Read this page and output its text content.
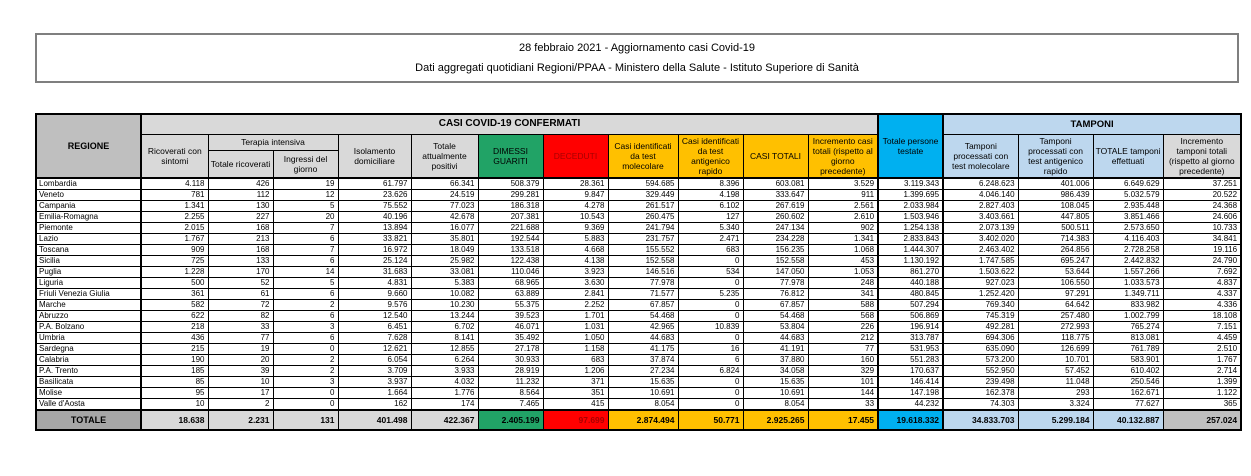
28 febbraio 2021 - Aggiornamento casi Covid-19
Dati aggregati quotidiani Regioni/PPAA - Ministero della Salute - Istituto Superiore di Sanità
REGIONE	CASI COVID-19 CONFERMATI											Totale persone testate	TAMPONI			
	Ricoverati con sintomi	Terapia intensiva		Isolamento domiciliare	Totale attualmente positivi	DIMESSI GUARITI	DECEDUTI	Casi identificati da test molecolare	Casi identificati da test antigenico rapido	CASI TOTALI	Incremento casi totali (rispetto al giorno precedente)		Tamponi processati con test molecolare	Tamponi processati con test antigenico rapido	TOTALE tamponi effettuati	Incremento tamponi totali (rispetto al giorno precedente)
		Totale ricoverati	Ingressi del giorno													
Lombardia	4.118	426	19	61.797	66.341	508.379	28.361	594.685	8.396	603.081	3.529	3.119.343	6.248.623	401.006	6.649.629	37.251
Veneto	781	112	12	23.626	24.519	299.281	9.847	329.449	4.198	333.647	911	1.399.695	4.046.140	986.439	5.032.579	20.522
Campania	1.341	130	5	75.552	77.023	186.318	4.278	261.517	6.102	267.619	2.561	2.033.984	2.827.403	108.045	2.935.448	24.368
Emilia-Romagna	2.255	227	20	40.196	42.678	207.381	10.543	260.475	127	260.602	2.610	1.503.946	3.403.661	447.805	3.851.466	24.606
Piemonte	2.015	168	7	13.894	16.077	221.688	9.369	241.794	5.340	247.134	902	1.254.138	2.073.139	500.511	2.573.650	10.733
Lazio	1.767	213	6	33.821	35.801	192.544	5.883	231.757	2.471	234.228	1.341	2.833.843	3.402.020	714.383	4.116.403	34.841
Toscana	909	168	7	16.972	18.049	133.518	4.668	155.552	683	156.235	1.068	1.444.307	2.463.402	264.856	2.728.258	19.116
Sicilia	725	133	6	25.124	25.982	122.438	4.138	152.558	0	152.558	453	1.130.192	1.747.585	695.247	2.442.832	24.790
Puglia	1.228	170	14	31.683	33.081	110.046	3.923	146.516	534	147.050	1.053	861.270	1.503.622	53.644	1.557.266	7.692
Liguria	500	52	5	4.831	5.383	68.965	3.630	77.978	0	77.978	248	440.188	927.023	106.550	1.033.573	4.837
Friuli Venezia Giulia	361	61	6	9.660	10.082	63.889	2.841	71.577	5.235	76.812	341	480.845	1.252.420	97.291	1.349.711	4.337
Marche	582	72	2	9.576	10.230	55.375	2.252	67.857	0	67.857	588	507.294	769.340	64.642	833.982	4.336
Abruzzo	622	82	6	12.540	13.244	39.523	1.701	54.468	0	54.468	568	506.869	745.319	257.480	1.002.799	18.108
P.A. Bolzano	218	33	3	6.451	6.702	46.071	1.031	42.965	10.839	53.804	226	196.914	492.281	272.993	765.274	7.151
Umbria	436	77	6	7.628	8.141	35.492	1.050	44.683	0	44.683	212	313.787	694.306	118.775	813.081	4.459
Sardegna	215	19	0	12.621	12.855	27.178	1.158	41.175	16	41.191	77	531.953	635.090	126.699	761.789	2.510
Calabria	190	20	2	6.054	6.264	30.933	683	37.874	6	37.880	160	551.283	573.200	10.701	583.901	1.767
P.A. Trento	185	39	2	3.709	3.933	28.919	1.206	27.234	6.824	34.058	329	170.637	552.950	57.452	610.402	2.714
Basilicata	85	10	3	3.937	4.032	11.232	371	15.635	0	15.635	101	146.414	239.498	11.048	250.546	1.399
Molise	95	17	0	1.664	1.776	8.564	351	10.691	0	10.691	144	147.198	162.378	293	162.671	1.122
Valle d'Aosta	10	2	0	162	174	7.465	415	8.054	0	8.054	33	44.232	74.303	3.324	77.627	365
TOTALE	18.638	2.231	131	401.498	422.367	2.405.199	97.699	2.874.494	50.771	2.925.265	17.455	19.618.332	34.833.703	5.299.184	40.132.887	257.024
